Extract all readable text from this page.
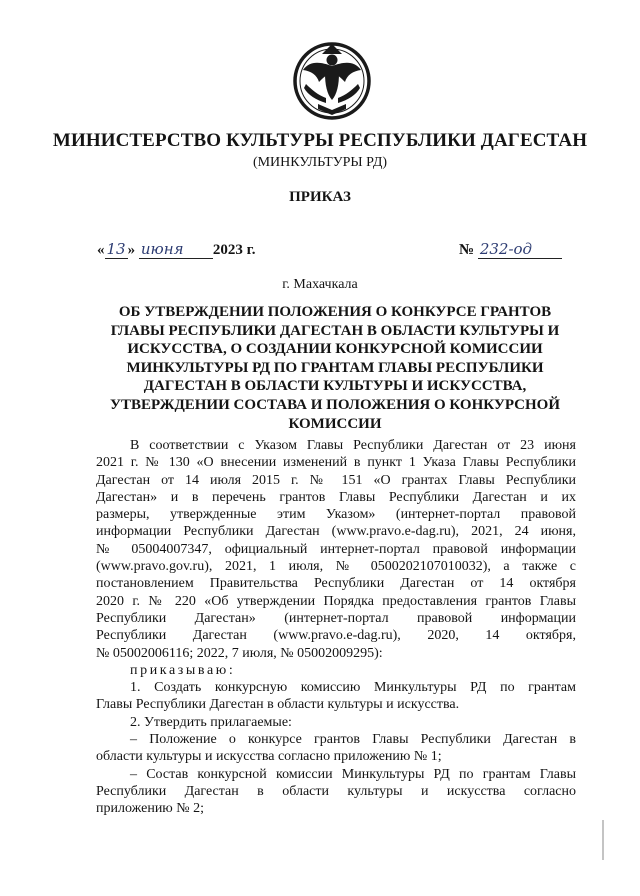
МИНИСТЕРСТВО КУЛЬТУРЫ РЕСПУБЛИКИ ДАГЕСТАН
(МИНКУЛЬТУРЫ РД)
ПРИКАЗ
« 13 » июня 2023 г.	№ 232-од
г. Махачкала
ОБ УТВЕРЖДЕНИИ ПОЛОЖЕНИЯ О КОНКУРСЕ ГРАНТОВ
ГЛАВЫ РЕСПУБЛИКИ ДАГЕСТАН В ОБЛАСТИ КУЛЬТУРЫ И
ИСКУССТВА, О СОЗДАНИИ КОНКУРСНОЙ КОМИССИИ
МИНКУЛЬТУРЫ РД ПО ГРАНТАМ ГЛАВЫ РЕСПУБЛИКИ
ДАГЕСТАН В ОБЛАСТИ КУЛЬТУРЫ И ИСКУССТВА,
УТВЕРЖДЕНИИ СОСТАВА И ПОЛОЖЕНИЯ О КОНКУРСНОЙ
КОМИССИИ

В соответствии с Указом Главы Республики Дагестан от 23 июня

2021 г. № 130 «О внесении изменений в пункт 1 Указа Главы Республики

Дагестан от 14 июля 2015 г. № 151 «О грантах Главы Республики

Дагестан» и в перечень грантов Главы Республики Дагестан и их

размеры, утвержденные этим Указом» (интернет-портал правовой

информации Республики Дагестан (www.pravo.e-dag.ru), 2021, 24 июня,

№ 05004007347, официальный интернет-портал правовой информации

(www.pravo.gov.ru), 2021, 1 июля, № 0500202107010032), а также с

постановлением Правительства Республики Дагестан от 14 октября

2020 г. № 220 «Об утверждении Порядка предоставления грантов Главы

Республики Дагестан» (интернет-портал правовой информации

Республики Дагестан (www.pravo.e-dag.ru), 2020, 14 октября,

№ 05002006116; 2022, 7 июля, № 05002009295):

приказываю:

1. Создать конкурсную комиссию Минкультуры РД по грантам

Главы Республики Дагестан в области культуры и искусства.

2. Утвердить прилагаемые:

– Положение о конкурсе грантов Главы Республики Дагестан в

области культуры и искусства согласно приложению № 1;

– Состав конкурсной комиссии Минкультуры РД по грантам Главы

Республики Дагестан в области культуры и искусства согласно

приложению № 2;
